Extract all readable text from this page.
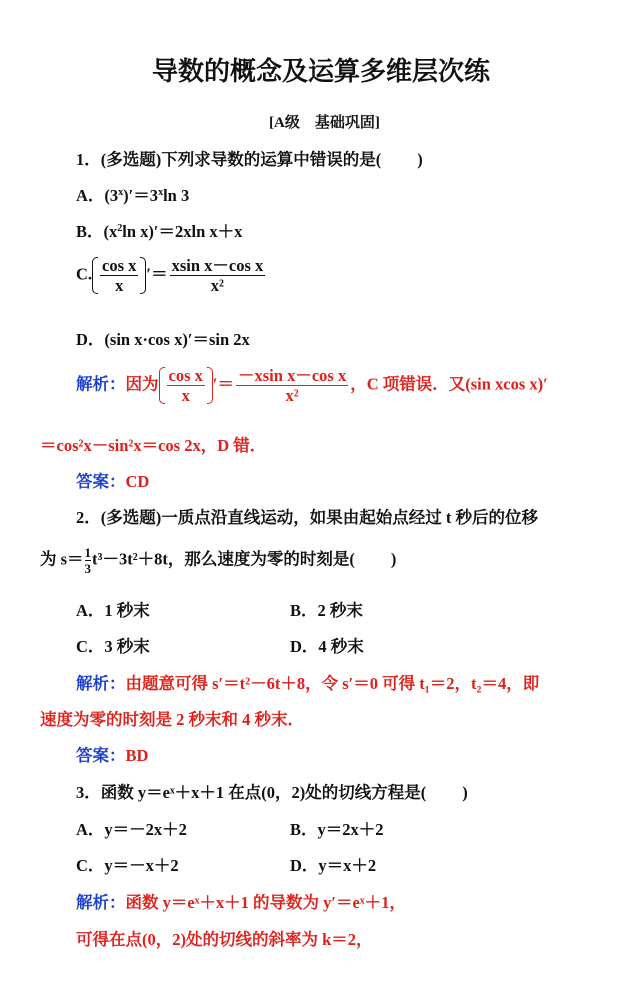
导数的概念及运算多维层次练
[A级　基础巩固]
1．(多选题)下列求导数的运算中错误的是( )
A．$(3^x)'=3^x\ln$ 3
B．($x^2\ln$ x)′＝2xln x＋x
C. $\frac{\text{cos x}}{x}$ ′＝ $\frac{\text{xsin x－cos x}}{\text{x²}}$
D．(sin x·cos x)′＝sin 2x
解析：因为 $\frac{\text{cos x}}{x}$ ′＝ $\frac{\text{－xsin x－cos x}}{\text{x²}}$ ，C 项错误．又(sin xcos x)′
＝cos²x－sin²x＝cos 2x，D 错．
答案：CD
2．(多选题)一质点沿直线运动，如果由起始点经过 t 秒后的位移
为 $s= \frac{1}{3} t^3-3t^2+8t$，那么速度为零的时刻是( )
A．1 秒末	B．2 秒末
C．3 秒末	D．4 秒末
解析：由题意可得 s′＝t²－6t＋8，令 s′＝0 可得 t₁＝2，t₂＝4，即
速度为零的时刻是 2 秒末和 4 秒末．
答案：BD
3．函数 y＝eˣ＋x＋1 在点(0，2)处的切线方程是( )
A．y＝－2x＋2	B．y＝2x＋2
C．y＝－x＋2	D．y＝x＋2
解析：函数 y＝eˣ＋x＋1 的导数为 y′＝eˣ＋1，
可得在点(0，2)处的切线的斜率为 k＝2，
